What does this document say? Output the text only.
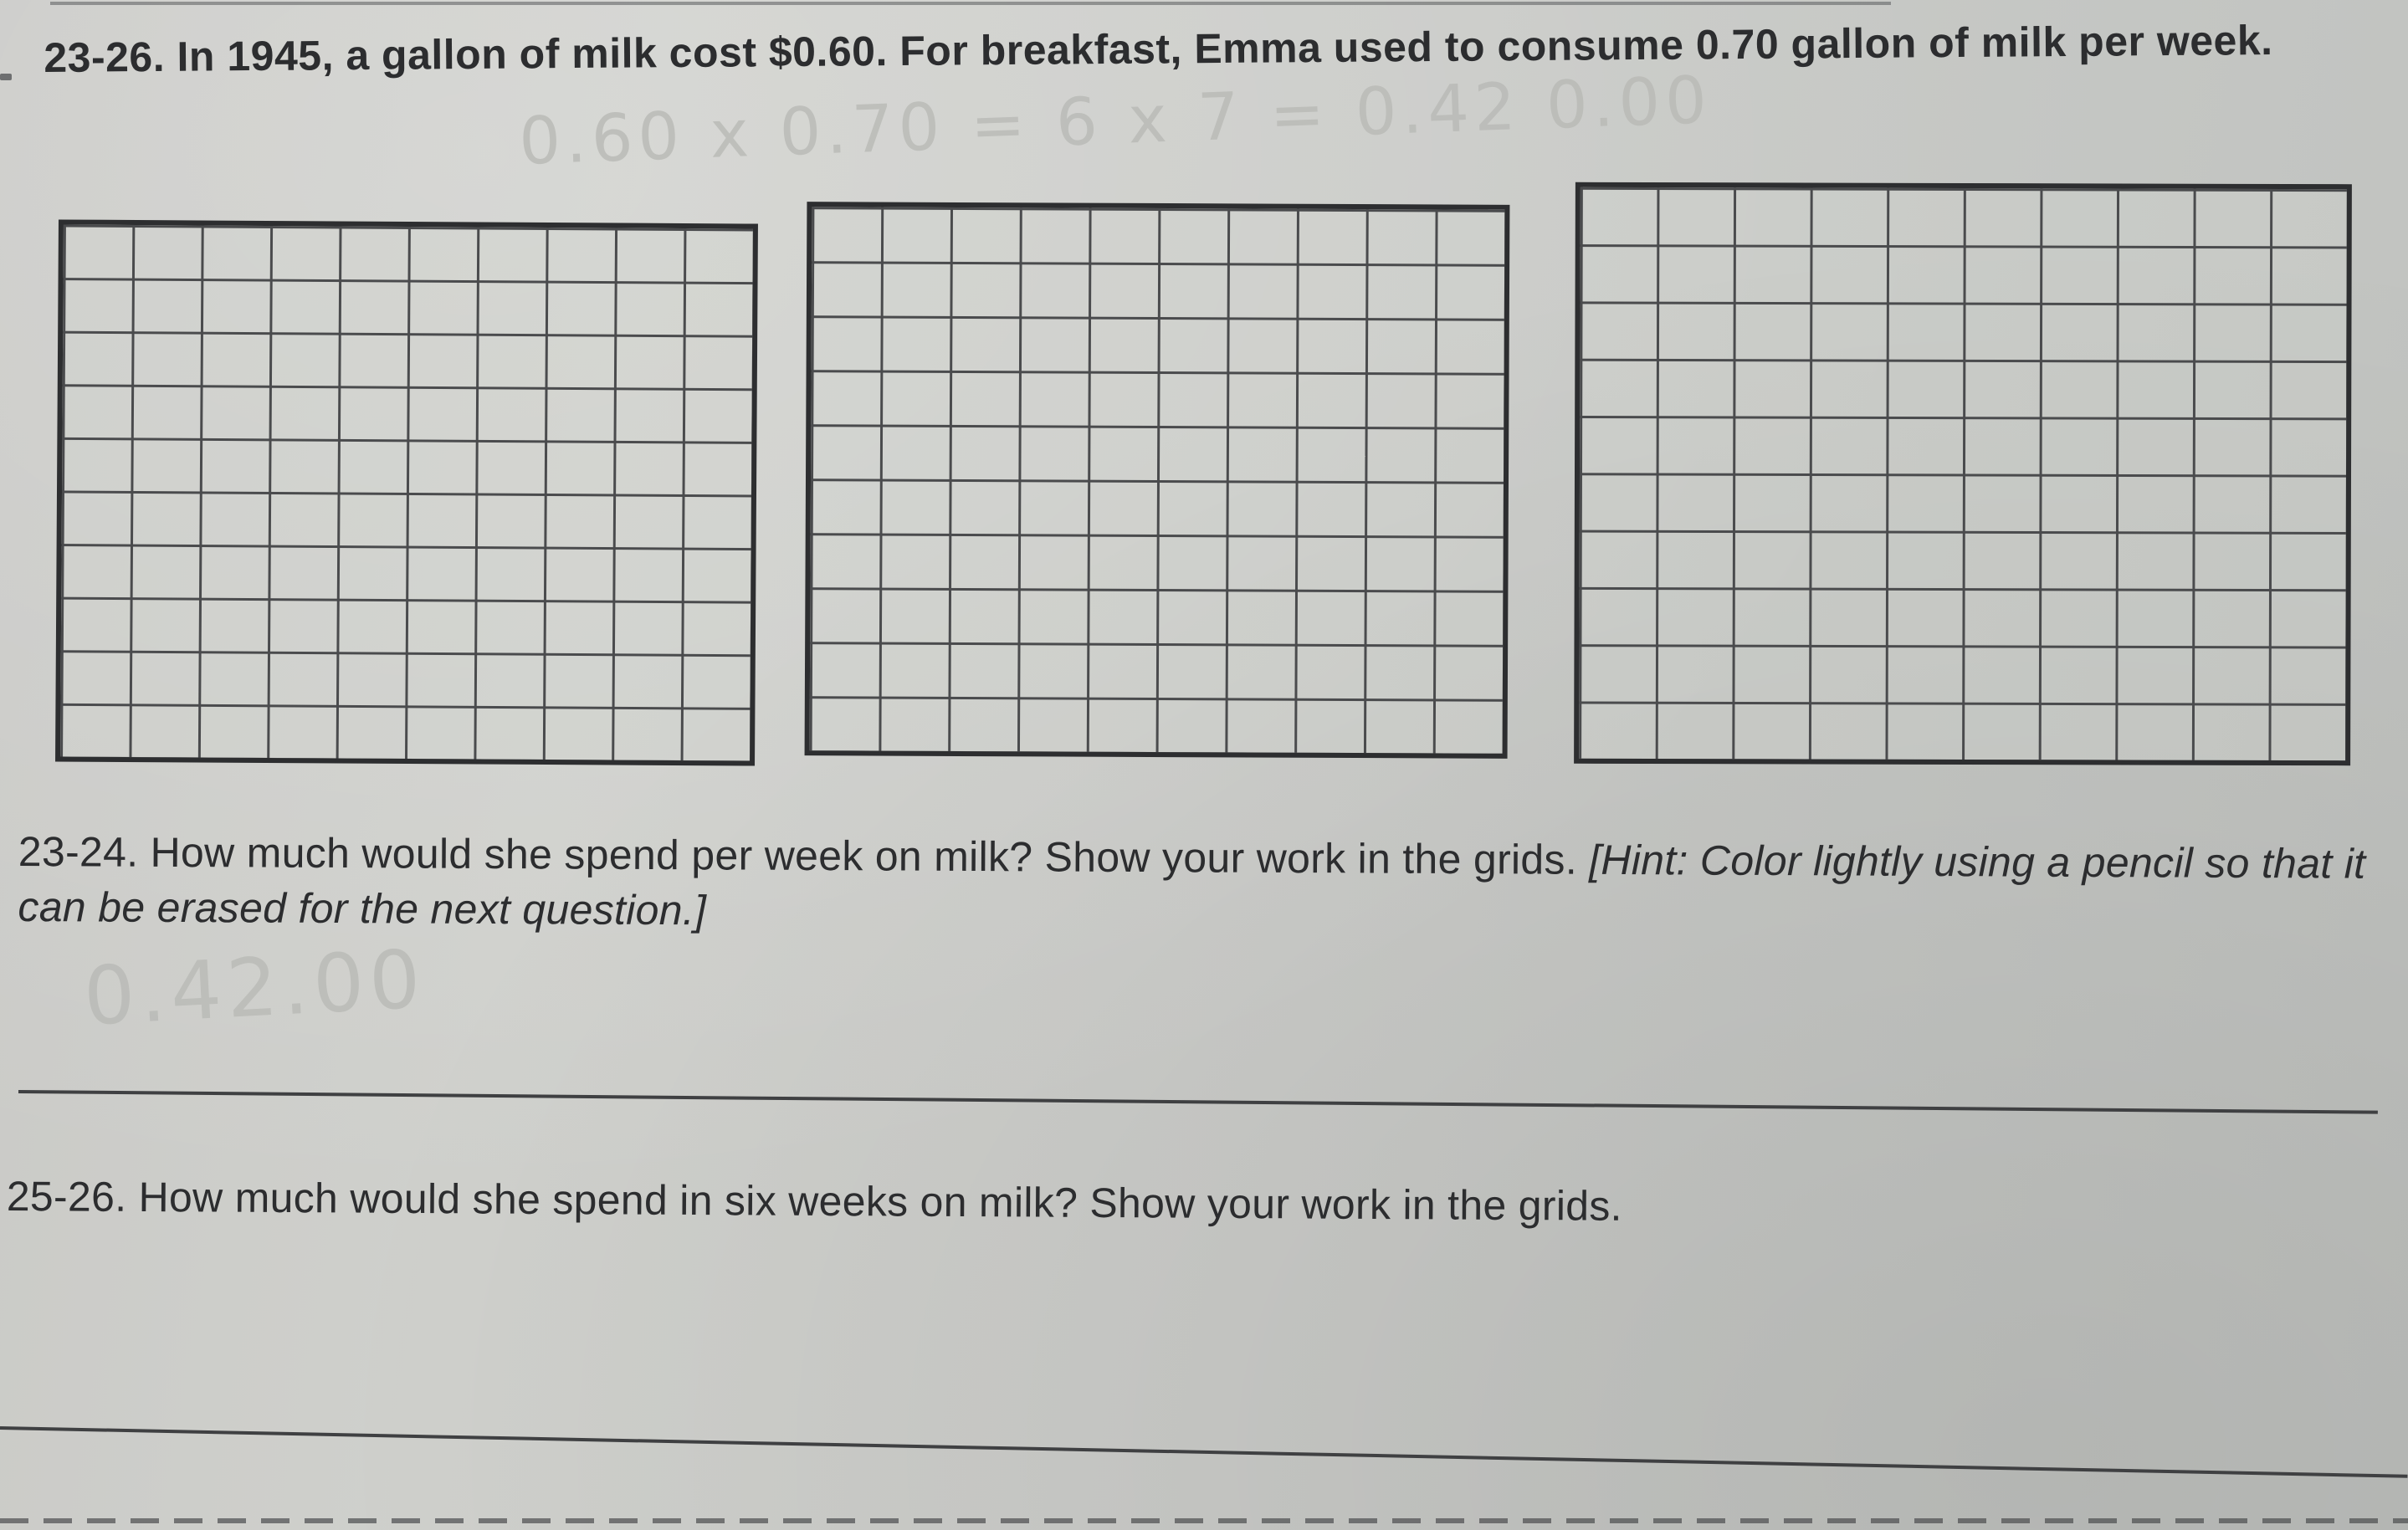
23-26. In 1945, a gallon of milk cost $0.60. For breakfast, Emma used to consume 0.70 gallon of milk per week.

0.60 x 0.70 = 6 x 7 = 0.42 0.00

23-24. How much would she spend per week on milk? Show your work in the grids. [Hint: Color lightly using a pencil so that it can be erased for the next question.]

0.42.00

25-26. How much would she spend in six weeks on milk? Show your work in the grids.
